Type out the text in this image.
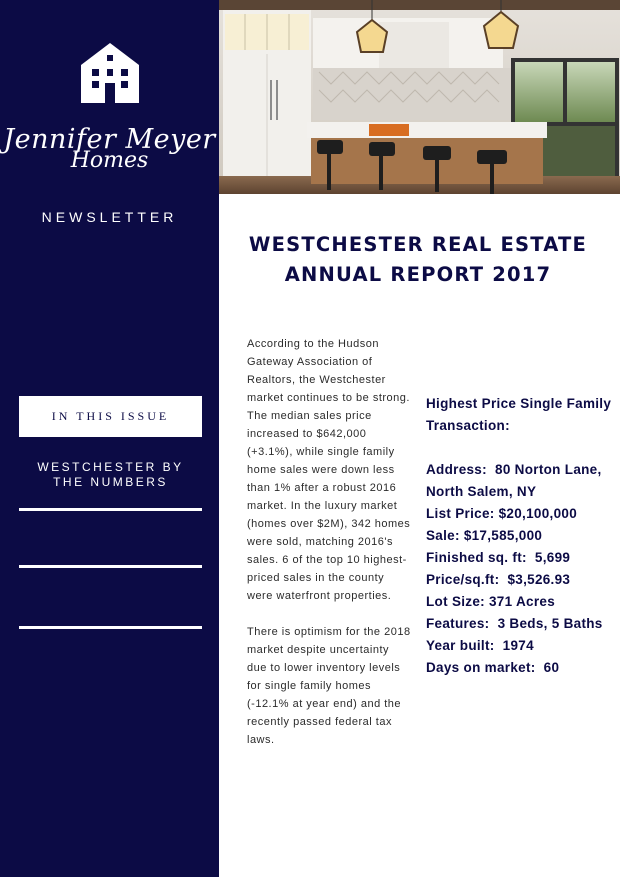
Jennifer Meyer
Homes
NEWSLETTER
IN THIS ISSUE
WESTCHESTER BY THE NUMBERS
WESTCHESTER REAL ESTATE ANNUAL REPORT 2017

According to the Hudson Gateway Association of Realtors, the Westchester market continues to be strong. The median sales price increased to $642,000 (+3.1%), while single family home sales were down less than 1% after a robust 2016 market. In the luxury market (homes over $2M), 342 homes were sold, matching 2016's sales. 6 of the top 10 highest-priced sales in the county were waterfront properties.

There is optimism for the 2018 market despite uncertainty due to lower inventory levels for single family homes (-12.1% at year end) and the recently passed federal tax laws.

Highest Price Single Family Transaction:
Address:  80 Norton Lane, North Salem, NY
List Price: $20,100,000
Sale: $17,585,000
Finished sq. ft:  5,699
Price/sq.ft:  $3,526.93
Lot Size: 371 Acres
Features:  3 Beds, 5 Baths
Year built:  1974
Days on market:  60
